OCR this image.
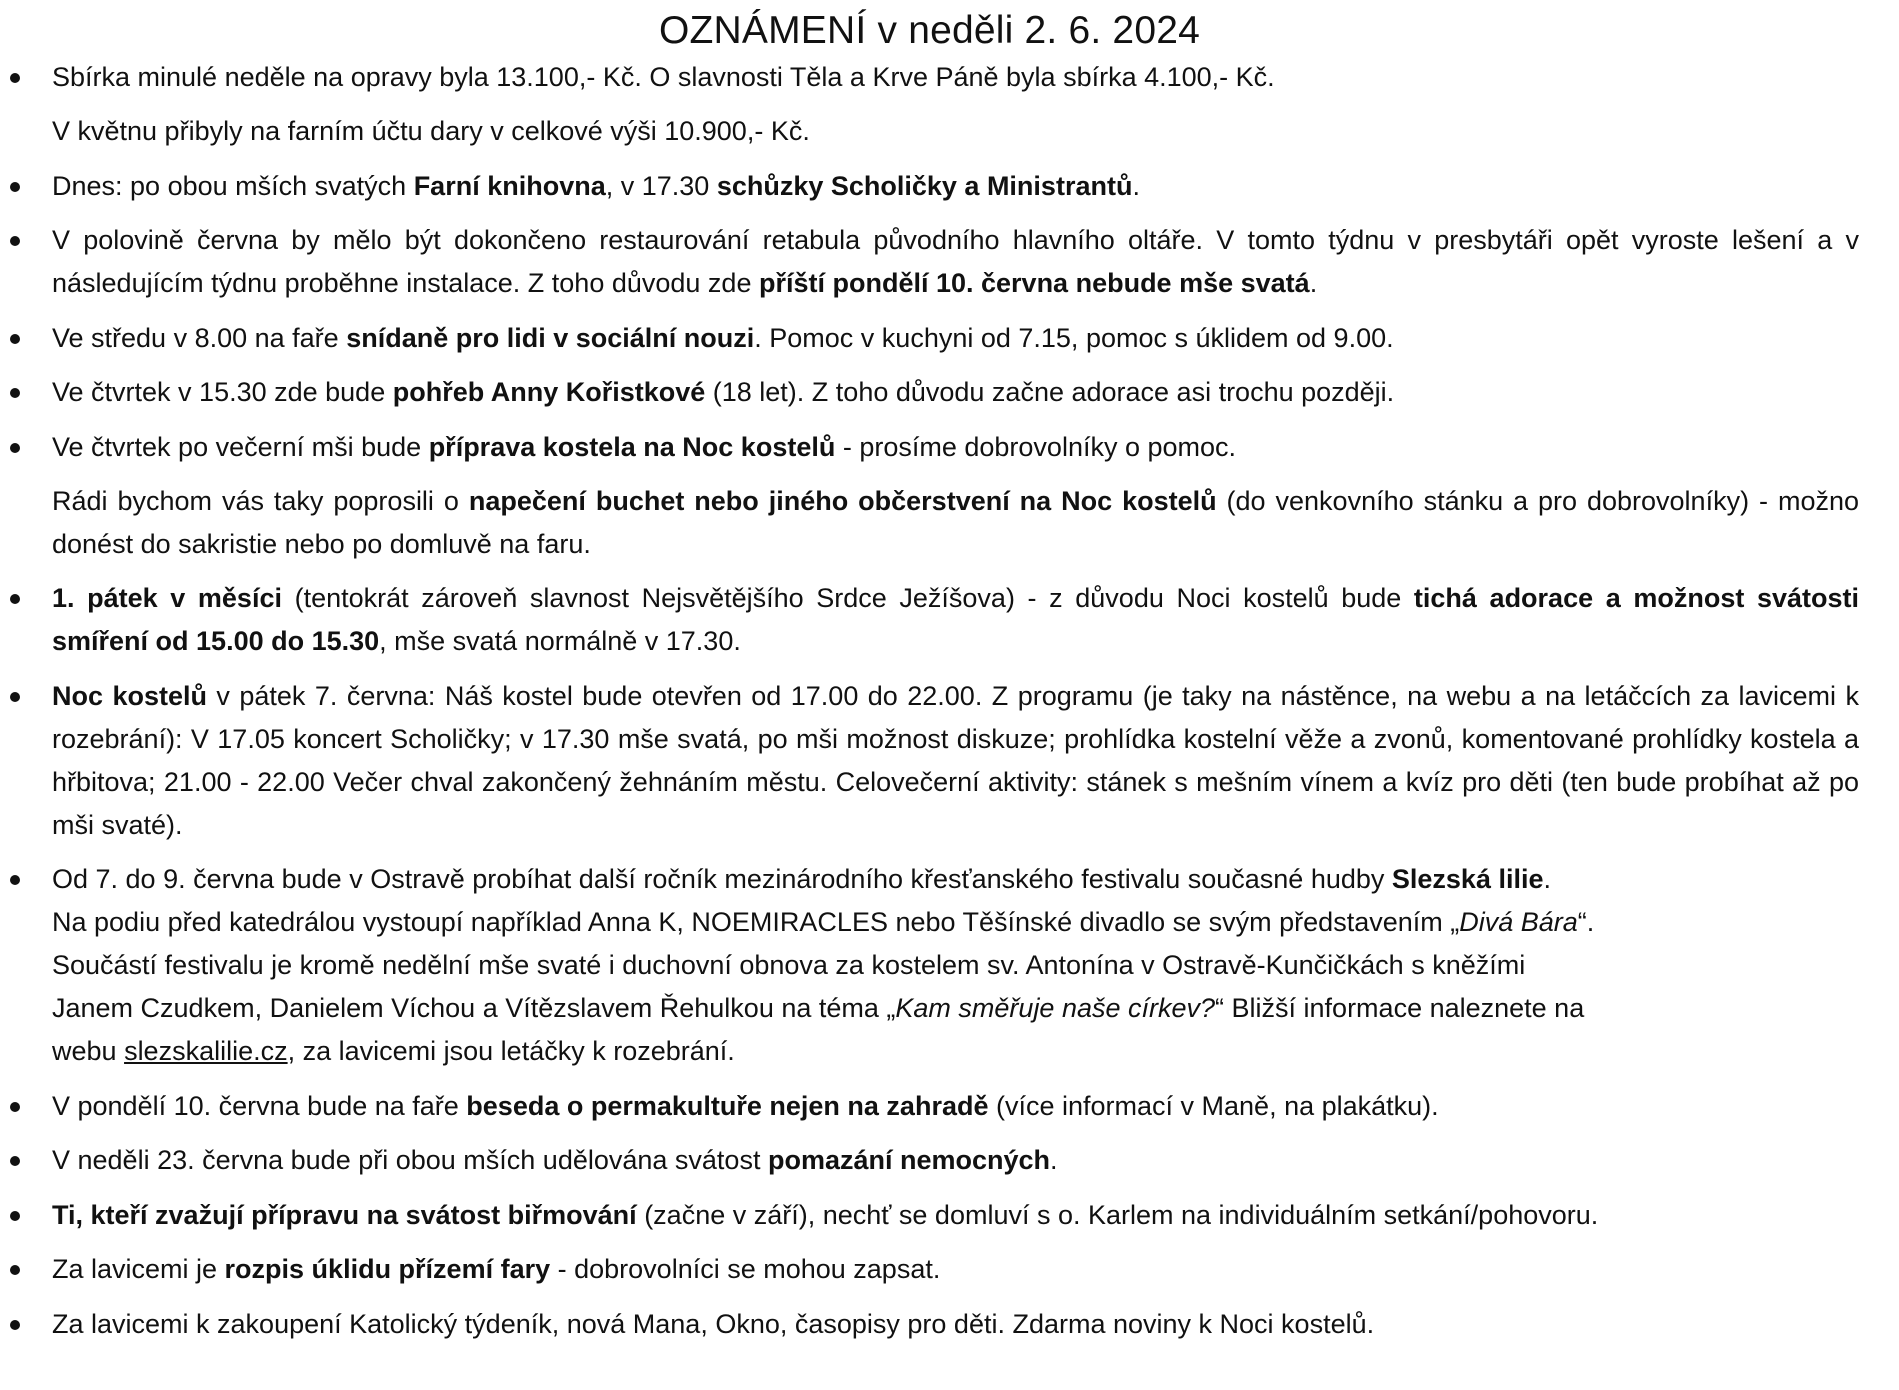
OZNÁMENÍ v neděli 2. 6. 2024

Sbírka minulé neděle na opravy byla 13.100,- Kč. O slavnosti Těla a Krve Páně byla sbírka 4.100,- Kč.

V květnu přibyly na farním účtu dary v celkové výši 10.900,- Kč.

Dnes: po obou mších svatých Farní knihovna, v 17.30 schůzky Scholičky a Ministrantů.

V polovině června by mělo být dokončeno restaurování retabula původního hlavního oltáře. V tomto týdnu v presbytáři opět vyroste lešení a v následujícím týdnu proběhne instalace. Z toho důvodu zde příští pondělí 10. června nebude mše svatá.

Ve středu v 8.00 na faře snídaně pro lidi v sociální nouzi. Pomoc v kuchyni od 7.15, pomoc s úklidem od 9.00.

Ve čtvrtek v 15.30 zde bude pohřeb Anny Kořistkové (18 let). Z toho důvodu začne adorace asi trochu později.

Ve čtvrtek po večerní mši bude příprava kostela na Noc kostelů - prosíme dobrovolníky o pomoc.

Rádi bychom vás taky poprosili o napečení buchet nebo jiného občerstvení na Noc kostelů (do venkovního stánku a pro dobrovolníky) - možno donést do sakristie nebo po domluvě na faru.

1. pátek v měsíci (tentokrát zároveň slavnost Nejsvětějšího Srdce Ježíšova) - z důvodu Noci kostelů bude tichá adorace a možnost svátosti smíření od 15.00 do 15.30, mše svatá normálně v 17.30.

Noc kostelů v pátek 7. června: Náš kostel bude otevřen od 17.00 do 22.00. Z programu (je taky na nástěnce, na webu a na letáčcích za lavicemi k rozebrání): V 17.05 koncert Scholičky; v 17.30 mše svatá, po mši možnost diskuze; prohlídka kostelní věže a zvonů, komentované prohlídky kostela a hřbitova; 21.00 - 22.00 Večer chval zakončený žehnáním městu. Celovečerní aktivity: stánek s mešním vínem a kvíz pro děti (ten bude probíhat až po mši svaté).

Od 7. do 9. června bude v Ostravě probíhat další ročník mezinárodního křesťanského festivalu současné hudby Slezská lilie.

Na podiu před katedrálou vystoupí například Anna K, NOEMIRACLES nebo Těšínské divadlo se svým představením „Divá Bára“.

Součástí festivalu je kromě nedělní mše svaté i duchovní obnova za kostelem sv. Antonína v Ostravě-Kunčičkách s kněžími

Janem Czudkem, Danielem Víchou a Vítězslavem Řehulkou na téma „Kam směřuje naše církev?“ Bližší informace naleznete na

webu slezskalilie.cz, za lavicemi jsou letáčky k rozebrání.

V pondělí 10. června bude na faře beseda o permakultuře nejen na zahradě (více informací v Maně, na plakátku).

V neděli 23. června bude při obou mších udělována svátost pomazání nemocných.

Ti, kteří zvažují přípravu na svátost biřmování (začne v září), nechť se domluví s o. Karlem na individuálním setkání/pohovoru.

Za lavicemi je rozpis úklidu přízemí fary - dobrovolníci se mohou zapsat.

Za lavicemi k zakoupení Katolický týdeník, nová Mana, Okno, časopisy pro děti. Zdarma noviny k Noci kostelů.
